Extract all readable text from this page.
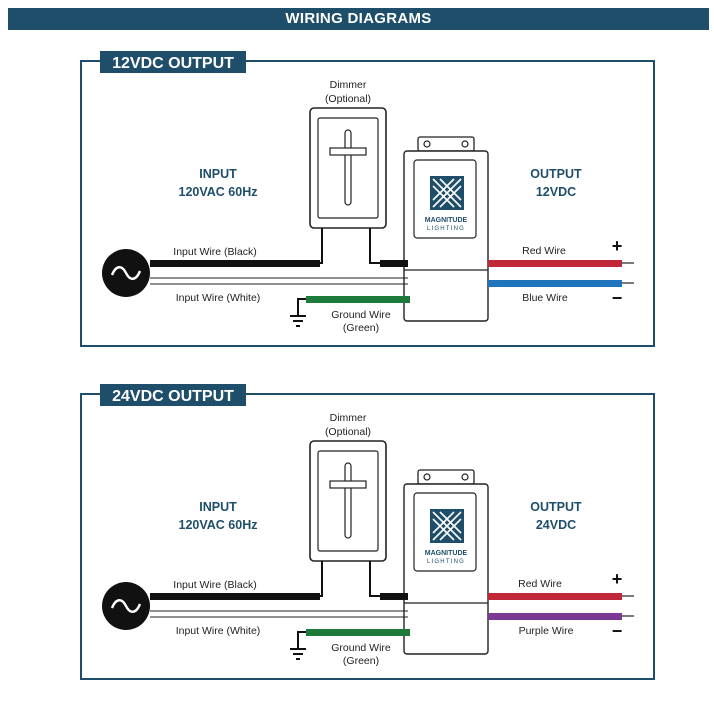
WIRING DIAGRAMS
12VDC OUTPUT
Dimmer
(Optional)
INPUT
120VAC 60Hz
OUTPUT
12VDC
MAGNITUDE
LIGHTING
Input Wire (Black)
Input Wire (White)
Ground Wire
(Green)
Red Wire
Blue Wire
+
−
24VDC OUTPUT
Dimmer
(Optional)
INPUT
120VAC 60Hz
OUTPUT
24VDC
MAGNITUDE
LIGHTING
Input Wire (Black)
Input Wire (White)
Ground Wire
(Green)
Red Wire
Purple Wire
+
−
